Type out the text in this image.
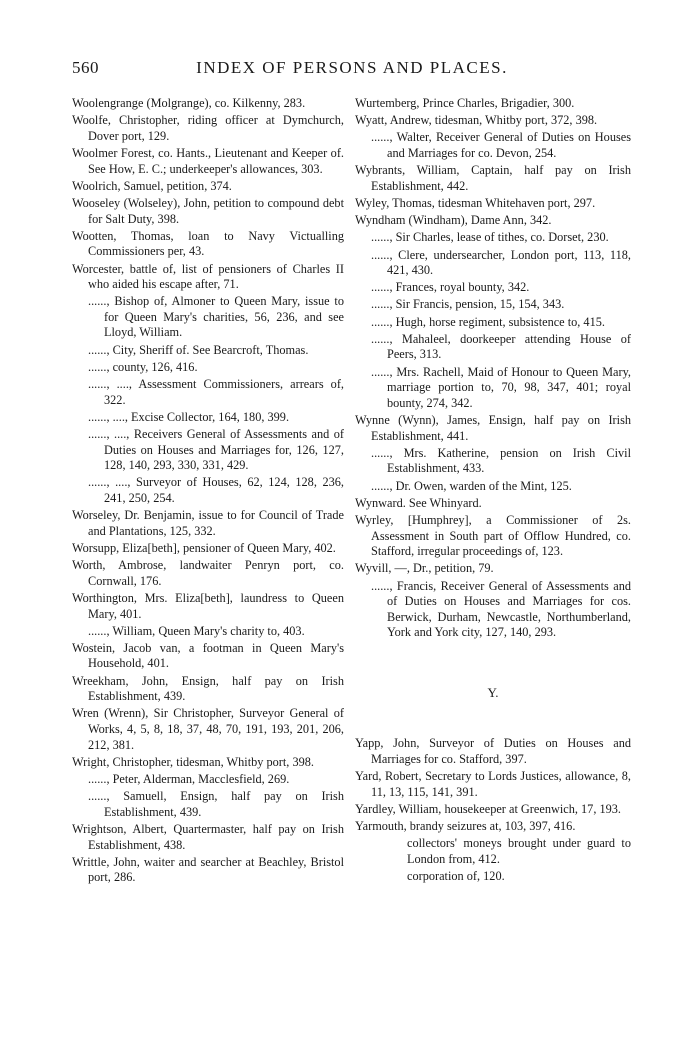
560	INDEX OF PERSONS AND PLACES.
Woolengrange (Molgrange), co. Kilkenny, 283.
Woolfe, Christopher, riding officer at Dymchurch, Dover port, 129.
Woolmer Forest, co. Hants., Lieutenant and Keeper of. See How, E. C.; underkeeper's allowances, 303.
Woolrich, Samuel, petition, 374.
Wooseley (Wolseley), John, petition to compound debt for Salt Duty, 398.
Wootten, Thomas, loan to Navy Victualling Commissioners per, 43.
Worcester, battle of, list of pensioners of Charles II who aided his escape after, 71.
......, Bishop of, Almoner to Queen Mary, issue to for Queen Mary's charities, 56, 236, and see Lloyd, William.
......, City, Sheriff of. See Bearcroft, Thomas.
......, county, 126, 416.
......, ...., Assessment Commissioners, arrears of, 322.
......, ...., Excise Collector, 164, 180, 399.
......, ...., Receivers General of Assessments and of Duties on Houses and Marriages for, 126, 127, 128, 140, 293, 330, 331, 429.
......, ...., Surveyor of Houses, 62, 124, 128, 236, 241, 250, 254.
Worseley, Dr. Benjamin, issue to for Council of Trade and Plantations, 125, 332.
Worsupp, Eliza[beth], pensioner of Queen Mary, 402.
Worth, Ambrose, landwaiter Penryn port, co. Cornwall, 176.
Worthington, Mrs. Eliza[beth], laundress to Queen Mary, 401.
......, William, Queen Mary's charity to, 403.
Wostein, Jacob van, a footman in Queen Mary's Household, 401.
Wreekham, John, Ensign, half pay on Irish Establishment, 439.
Wren (Wrenn), Sir Christopher, Surveyor General of Works, 4, 5, 8, 18, 37, 48, 70, 191, 193, 201, 206, 212, 381.
Wright, Christopher, tidesman, Whitby port, 398.
......, Peter, Alderman, Macclesfield, 269.
......, Samuell, Ensign, half pay on Irish Establishment, 439.
Wrightson, Albert, Quartermaster, half pay on Irish Establishment, 438.
Writtle, John, waiter and searcher at Beachley, Bristol port, 286.
Wurtemberg, Prince Charles, Brigadier, 300.
Wyatt, Andrew, tidesman, Whitby port, 372, 398.
......, Walter, Receiver General of Duties on Houses and Marriages for co. Devon, 254.
Wybrants, William, Captain, half pay on Irish Establishment, 442.
Wyley, Thomas, tidesman Whitehaven port, 297.
Wyndham (Windham), Dame Ann, 342.
......, Sir Charles, lease of tithes, co. Dorset, 230.
......, Clere, undersearcher, London port, 113, 118, 421, 430.
......, Frances, royal bounty, 342.
......, Sir Francis, pension, 15, 154, 343.
......, Hugh, horse regiment, subsistence to, 415.
......, Mahaleel, doorkeeper attending House of Peers, 313.
......, Mrs. Rachell, Maid of Honour to Queen Mary, marriage portion to, 70, 98, 347, 401; royal bounty, 274, 342.
Wynne (Wynn), James, Ensign, half pay on Irish Establishment, 441.
......, Mrs. Katherine, pension on Irish Civil Establishment, 433.
......, Dr. Owen, warden of the Mint, 125.
Wynward. See Whinyard.
Wyrley, [Humphrey], a Commissioner of 2s. Assessment in South part of Offlow Hundred, co. Stafford, irregular proceedings of, 123.
Wyvill, —, Dr., petition, 79.
......, Francis, Receiver General of Assessments and of Duties on Houses and Marriages for cos. Berwick, Durham, Newcastle, Northumberland, York and York city, 127, 140, 293.
Y.
Yapp, John, Surveyor of Duties on Houses and Marriages for co. Stafford, 397.
Yard, Robert, Secretary to Lords Justices, allowance, 8, 11, 13, 115, 141, 391.
Yardley, William, housekeeper at Greenwich, 17, 193.
Yarmouth, brandy seizures at, 103, 397, 416.
collectors' moneys brought under guard to London from, 412.
corporation of, 120.
